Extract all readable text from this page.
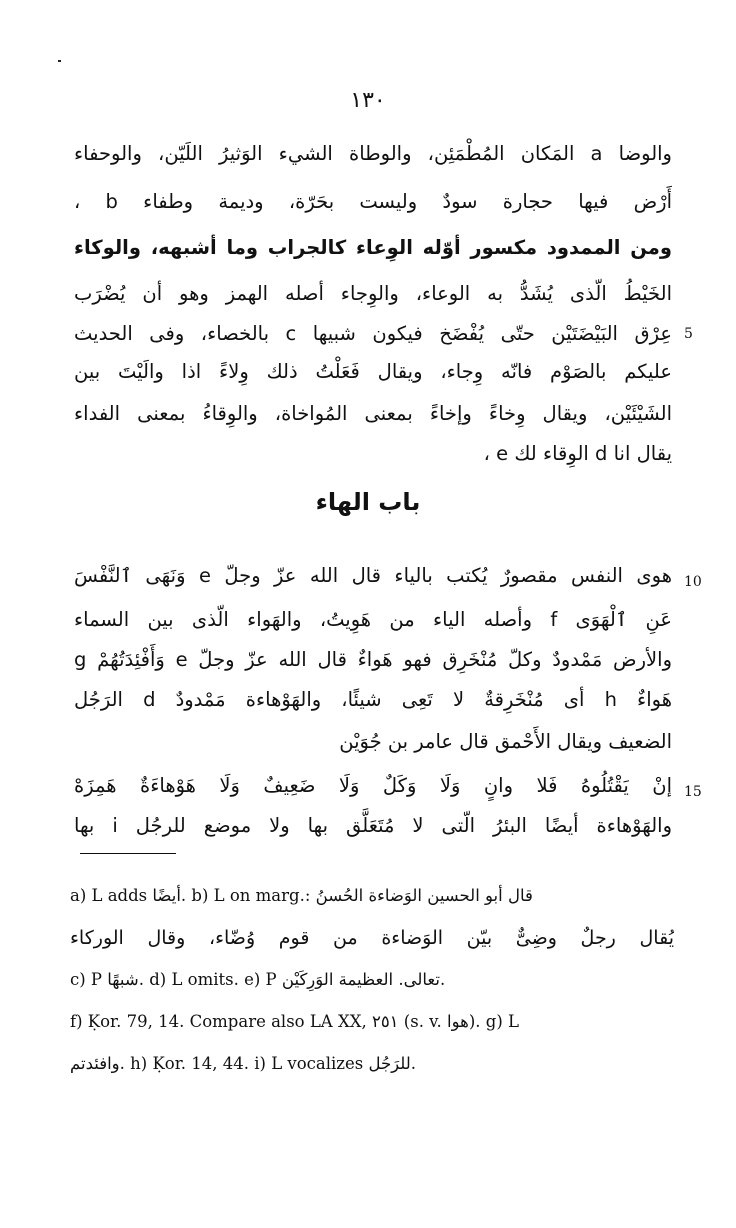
١٣٠
والوضا a المَكان المُطْمَئِن، والوطاة الشيء الوَثيرُ اللَيّن، والوحفاء
أَرْض فيها حجارة سودٌ وليست بحَرّة، وديمة وطفاء b ،
ومن الممدود مكسور أوّله الوِعاء كالجراب وما أشبهه، والوكاء
الخَيْطُ الّذى يُشَدُّ به الوعاء، والوِجاء أصله الهمز وهو أن يُضْرَب
عِرْق البَيْضَتَيْن حتّى يُفْضَخ فيكون شبيها c بالخصاء، وفى الحديث 5
عليكم بالصَوْم فانّه وِجاء، ويقال فَعَلْتُ ذلك وِلاءً اذا والَيْتَ بين
الشَيْئَيْن، ويقال وِخاءً وإخاءً بمعنى المُواخاة، والوِقاءُ بمعنى الفداء
يقال انا d الوِقاء لك e ،
باب الهاء
10
هوى النفس مقصورٌ يُكتب بالياء قال الله عزّ وجلّ e وَنَهَى ٱلنَّفْسَ
عَنِ ٱلْهَوَى f وأصله الياء من هَوِيتُ، والهَواء الّذى بين السماء
والأرض مَمْدودٌ وكلّ مُنْخَرِق فهو هَواءٌ قال الله عزّ وجلّ e وَأَفْئِدَتُهُمْ g
هَواءٌ h أى مُنْخَرِقةٌ لا تَعِى شيئًا، والهَوْهاءة مَمْدودٌ d الرَجُل
الضعيف ويقال الأَحْمق قال عامر بن جُوَيْن
إنْ يَقْتُلُوهُ فَلا وانٍ وَلَا وَكَلٌ وَلَا ضَعِيفٌ وَلَا هَوْهاءَةٌ هَمِزَهْ 15
والهَوْهاءة أيضًا البئرُ الّتى لا مُتَعَلَّق بها ولا موضع للرجُل i بها
a) L adds أيضًا. b) L on marg.: قال أبو الحسين الوَضاءة الحُسنُ
يُقال رجلٌ وضِىٌّ بيّن الوَضاءة من قوم وُضّاء، وقال الوركاء
c) P شبهًا. d) L omits. e) P تعالى. العظيمة الوَرِكَيْن.
f) Ḳor. 79, 14. Compare also LA XX, ٢٥١ (s. v. هوا). g) L
وافئدتم. h) Ḳor. 14, 44. i) L vocalizes للرَجُل.
